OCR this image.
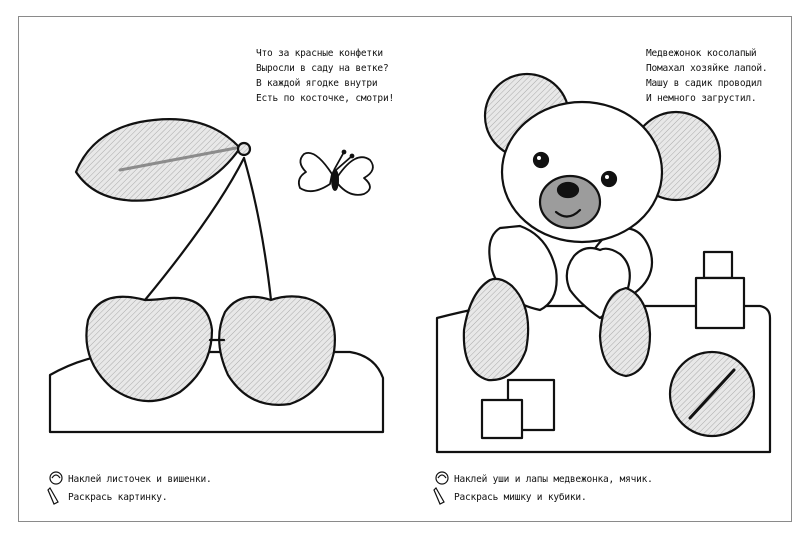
Что за красные конфетки
Выросли в саду на ветке?
В каждой ягодке внутри
Есть по косточке, смотри!
Медвежонок косолапый
Помахал хозяйке лапой.
Машу в садик проводил
И немного загрустил.
Наклей листочек и вишенки.
Раскрась картинку.
Наклей уши и лапы медвежонка, мячик.
Раскрась мишку и кубики.
